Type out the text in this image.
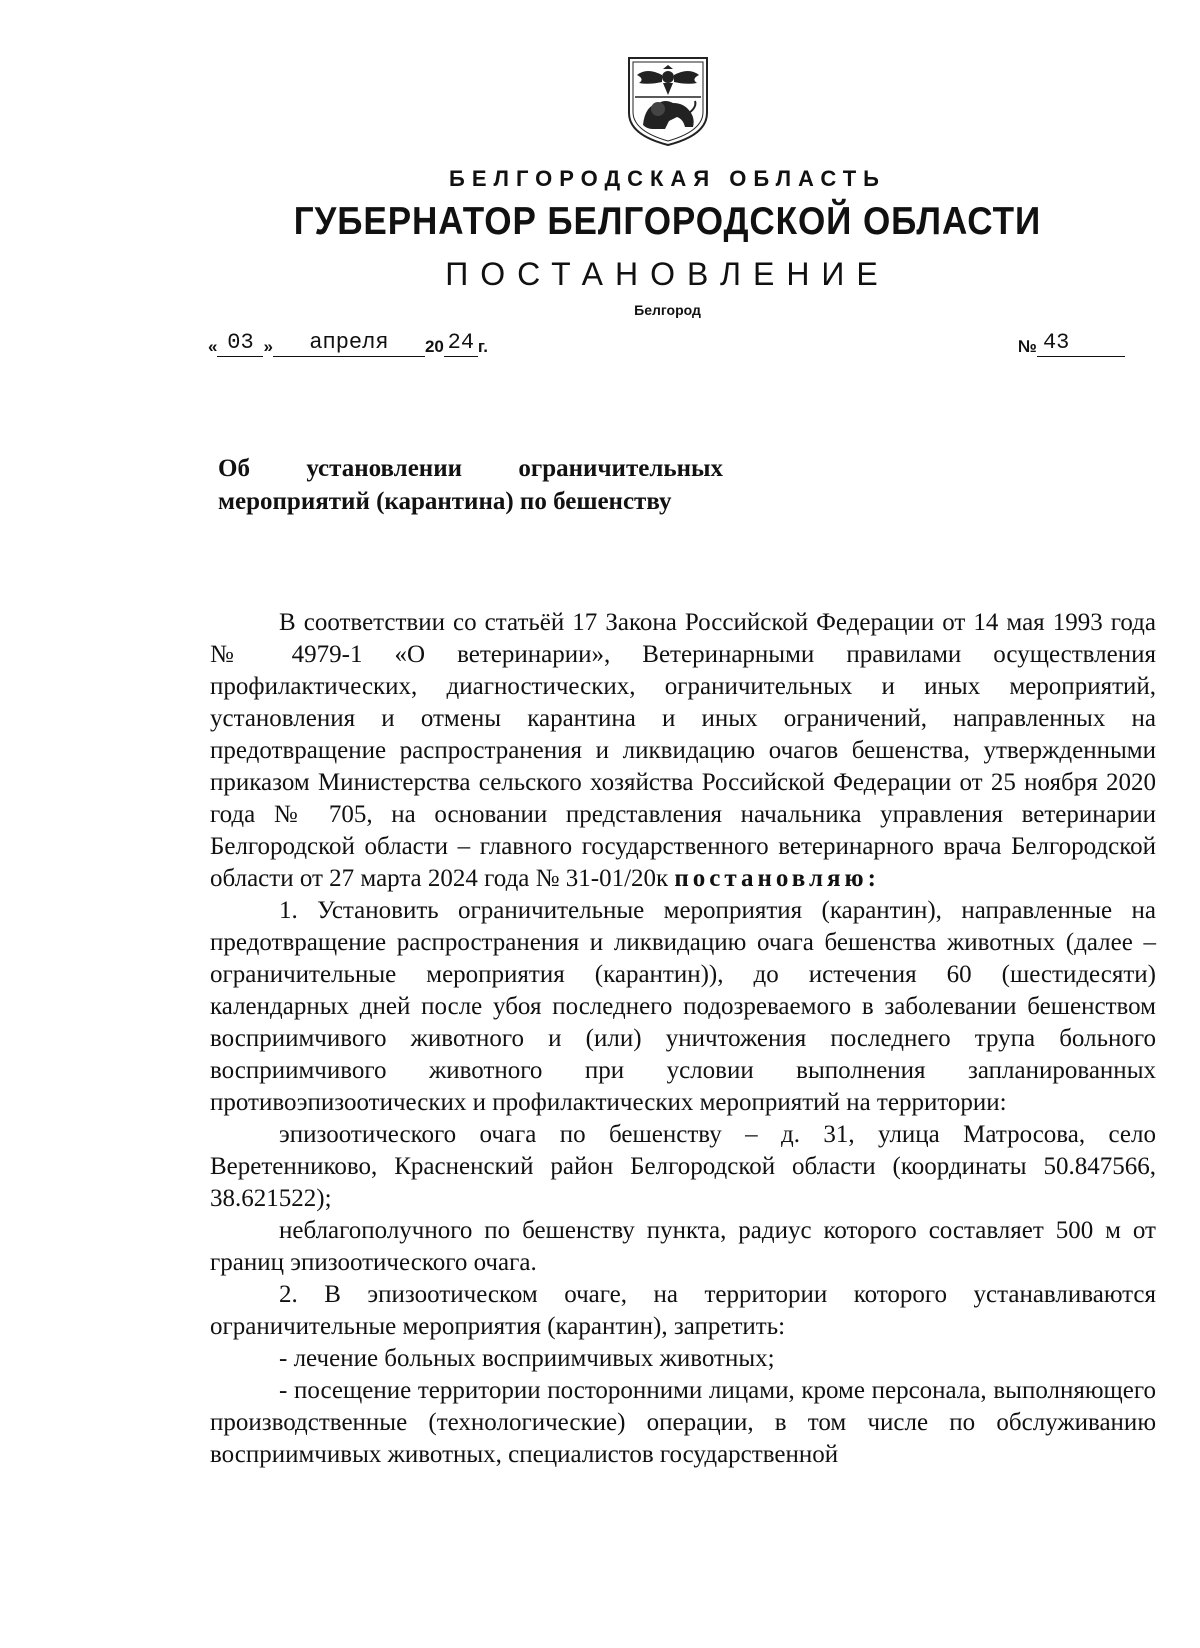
БЕЛГОРОДСКАЯ ОБЛАСТЬ
ГУБЕРНАТОР БЕЛГОРОДСКОЙ ОБЛАСТИ
ПОСТАНОВЛЕНИЕ
Белгород
« 03 » апреля 20 24 г.	№ 43
Об установлении ограничительных
мероприятий (карантина) по бешенству

В соответствии со статьёй 17 Закона Российской Федерации от 14 мая 1993 года № 4979-1 «О ветеринарии», Ветеринарными правилами осуществления профилактических, диагностических, ограничительных и иных мероприятий, установления и отмены карантина и иных ограничений, направленных на предотвращение распространения и ликвидацию очагов бешенства, утвержденными приказом Министерства сельского хозяйства Российской Федерации от 25 ноября 2020 года № 705, на основании представления начальника управления ветеринарии Белгородской области – главного государственного ветеринарного врача Белгородской области от 27 марта 2024 года № 31-01/20к постановляю:

1. Установить ограничительные мероприятия (карантин), направленные на предотвращение распространения и ликвидацию очага бешенства животных (далее – ограничительные мероприятия (карантин)), до истечения 60 (шестидесяти) календарных дней после убоя последнего подозреваемого в заболевании бешенством восприимчивого животного и (или) уничтожения последнего трупа больного восприимчивого животного при условии выполнения запланированных противоэпизоотических и профилактических мероприятий на территории:

эпизоотического очага по бешенству – д. 31, улица Матросова, село Веретенниково, Красненский район Белгородской области (координаты 50.847566, 38.621522);

неблагополучного по бешенству пункта, радиус которого составляет 500 м от границ эпизоотического очага.

2. В эпизоотическом очаге, на территории которого устанавливаются ограничительные мероприятия (карантин), запретить:

- лечение больных восприимчивых животных;

- посещение территории посторонними лицами, кроме персонала, выполняющего производственные (технологические) операции, в том числе по обслуживанию восприимчивых животных, специалистов государственной
